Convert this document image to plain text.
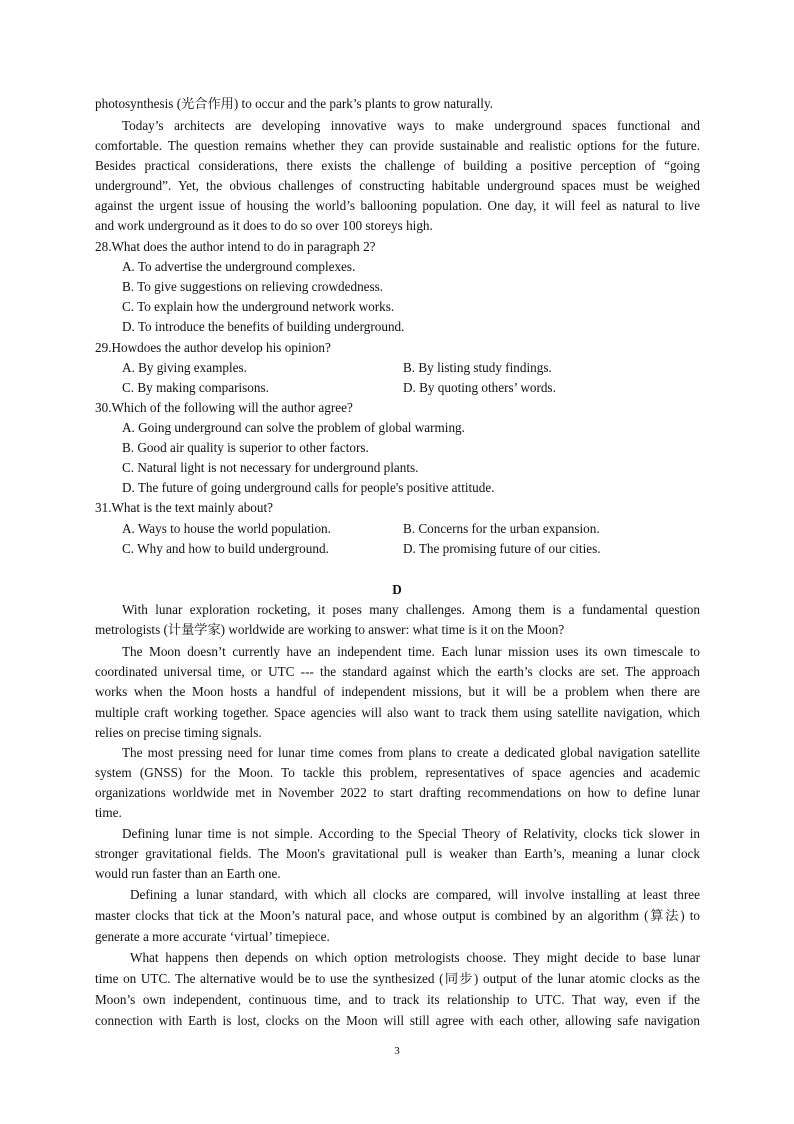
photosynthesis (光合作用) to occur and the park’s plants to grow naturally.
Today’s architects are developing innovative ways to make underground spaces functional and
comfortable. The question remains whether they can provide sustainable and realistic options for the future.
Besides practical considerations, there exists the challenge of building a positive perception of “going
underground”. Yet, the obvious challenges of constructing habitable underground spaces must be weighed
against the urgent issue of housing the world’s ballooning population. One day, it will feel as natural to live
and work underground as it does to do so over 100 storeys high.
28.What does the author intend to do in paragraph 2?
A. To advertise the underground complexes.
B. To give suggestions on relieving crowdedness.
C. To explain how the underground network works.
D. To introduce the benefits of building underground.
29.Howdoes the author develop his opinion?
A. By giving examples.	B. By listing study findings.
C. By making comparisons.	D. By quoting others’ words.
30.Which of the following will the author agree?
A. Going underground can solve the problem of global warming.
B. Good air quality is superior to other factors.
C. Natural light is not necessary for underground plants.
D. The future of going underground calls for people's positive attitude.
31.What is the text mainly about?
A. Ways to house the world population.	B. Concerns for the urban expansion.
C. Why and how to build underground.	D. The promising future of our cities.
D
With lunar exploration rocketing, it poses many challenges. Among them is a fundamental question
metrologists (计量学家) worldwide are working to answer: what time is it on the Moon?
The Moon doesn’t currently have an independent time. Each lunar mission uses its own timescale to
coordinated universal time, or UTC --- the standard against which the earth’s clocks are set. The approach
works when the Moon hosts a handful of independent missions, but it will be a problem when there are
multiple craft working together. Space agencies will also want to track them using satellite navigation, which
relies on precise timing signals.
The most pressing need for lunar time comes from plans to create a dedicated global navigation satellite
system (GNSS) for the Moon. To tackle this problem, representatives of space agencies and academic
organizations worldwide met in November 2022 to start drafting recommendations on how to define lunar
time.
Defining lunar time is not simple. According to the Special Theory of Relativity, clocks tick slower in
stronger gravitational fields. The Moon's gravitational pull is weaker than Earth’s, meaning a lunar clock
would run faster than an Earth one.
Defining a lunar standard, with which all clocks are compared, will involve installing at least three
master clocks that tick at the Moon’s natural pace, and whose output is combined by an algorithm (算法) to
generate a more accurate ‘virtual’ timepiece.
What happens then depends on which option metrologists choose. They might decide to base lunar
time on UTC. The alternative would be to use the synthesized (同步) output of the lunar atomic clocks as the
Moon’s own independent, continuous time, and to track its relationship to UTC. That way, even if the
connection with Earth is lost, clocks on the Moon will still agree with each other, allowing safe navigation
3
